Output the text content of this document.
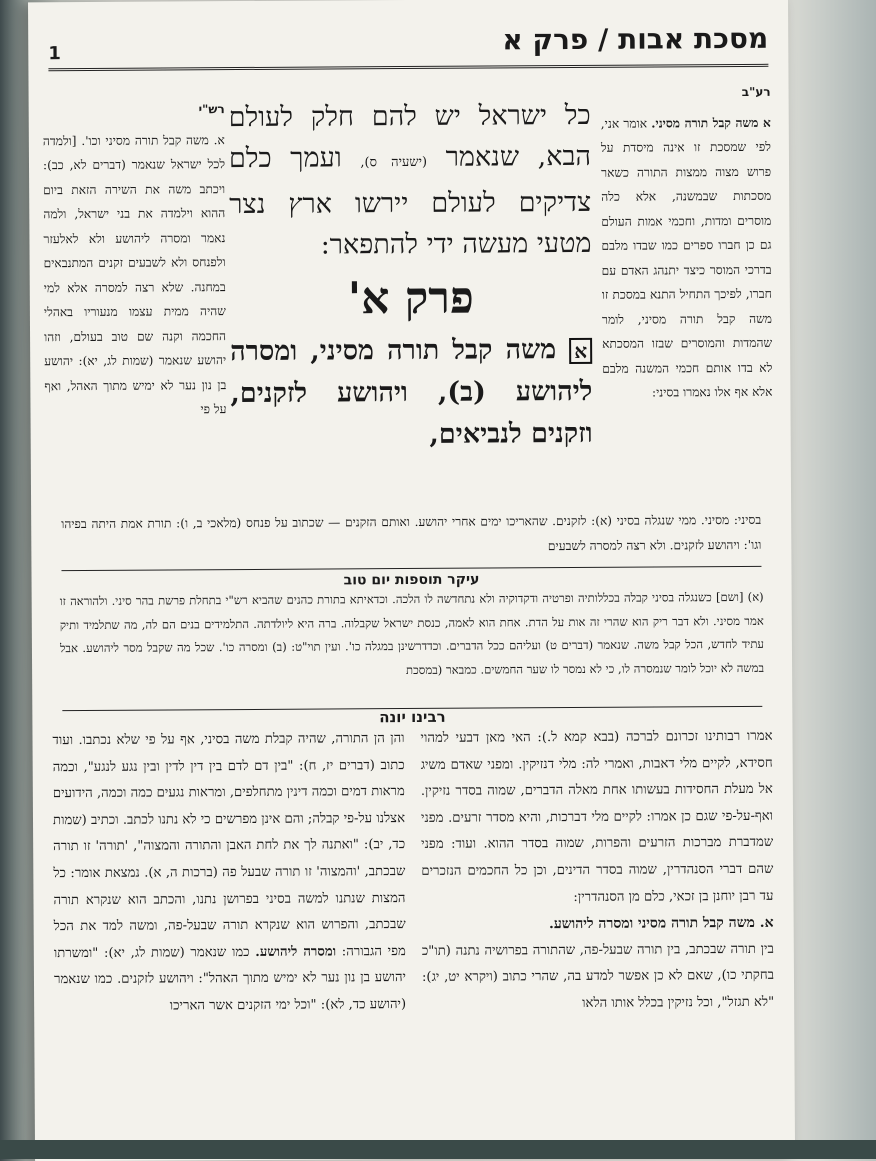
מסכת אבות / פרק א
1
רע"ב
א משה קבל תורה מסיני. אומר אני, לפי שמסכת זו אינה מיסדת על פרוש מצוה ממצות התורה כשאר מסכתות שבמשנה, אלא כלה מוסרים ומדות, וחכמי אמות העולם גם כן חברו ספרים כמו שבדו מלבם בדרכי המוסר כיצד יתנהג האדם עם חברו, לפיכך התחיל התנא במסכת זו משה קבל תורה מסיני, לומר שהמדות והמוסרים שבזו המסכתא לא בדו אותם חכמי המשנה מלבם אלא אף אלו נאמרו בסיני:
כל ישראל יש להם חלק לעולם הבא, שנאמר (ישעיה ס), ועמך כלם צדיקים לעולם יירשו ארץ נצר מטעי מעשה ידי להתפאר:
פרק א'
א משה קבל תורה מסיני, ומסרה ליהושע (ב), ויהושע לזקנים, וזקנים לנביאים,
רש"י
א. משה קבל תורה מסיני וכו'. [ולמדה לכל ישראל שנאמר (דברים לא, כב): ויכתב משה את השירה הזאת ביום ההוא וילמדה את בני ישראל, ולמה נאמר ומסרה ליהושע ולא לאלעזר ולפנחס ולא לשבעים זקנים המתנבאים במחנה. שלא רצה למסרה אלא למי שהיה ממית עצמו מנעוריו באהלי החכמה וקנה שם טוב בעולם, וזהו יהושע שנאמר (שמות לג, יא): יהושע בן נון נער לא ימיש מתוך האהל, ואף על פי
בסיני: מסיני. ממי שנגלה בסיני (א): לזקנים. שהאריכו ימים אחרי יהושע. ואותם הזקנים — שכתוב על פנחס (מלאכי ב, ו): תורת אמת היתה בפיהו וגו': ויהושע לזקנים. ולא רצה למסרה לשבעים
עיקר תוספות יום טוב
(א) [ושם] כשנגלה בסיני קבלה בכללותיה ופרטיה ודקדוקיה ולא נתחדשה לו הלכה. וכדאיתא בתורת כהנים שהביא רש"י בתחלת פרשת בהר סיני. ולהוראה זו אמר מסיני. ולא דבר ריק הוא שהרי זה אות על הדת. אחת הוא לאמה, כנסת ישראל שקבלוה. ברה היא ליולדתה. התלמידים בנים הם לה, מה שתלמיד ותיק עתיד לחדש, הכל קבל משה. שנאמר (דברים ט) ועליהם ככל הדברים. וכדדרשינן במגלה כו'. ועין תוי"ט: (ב) ומסרה כו'. שכל מה שקבל מסר ליהושע. אבל במשה לא יוכל לומר שנמסרה לו, כי לא נמסר לו שער החמשים. כמבאר (במסכת
רבינו יונה
אמרו רבותינו זכרונם לברכה (בבא קמא ל.): האי מאן דבעי למהוי חסידא, לקיים מלי דאבות, ואמרי לה: מלי דנזיקין. ומפני שאדם משיג אל מעלת החסידות בעשותו אחת מאלה הדברים, שמוה בסדר נזיקין. ואף-על-פי שגם כן אמרו: לקיים מלי דברכות, והיא מסדר זרעים. מפני שמדברת מברכות הזרעים והפרות, שמוה בסדר ההוא. ועוד: מפני שהם דברי הסנהדרין, שמוה בסדר הדינים, וכן כל החכמים הנזכרים עד רבן יוחנן בן זכאי, כלם מן הסנהדרין:
א. משה קבל תורה מסיני ומסרה ליהושע.
בין תורה שבכתב, בין תורה שבעל-פה, שהתורה בפרושיה נתנה (תו"כ בחקתי כו), שאם לא כן אפשר למדע בה, שהרי כתוב (ויקרא יט, יג): "לא תגזל", וכל נזיקין בכלל אותו הלאו
והן הן התורה, שהיה קבלת משה בסיני, אף על פי שלא נכתבו. ועוד כתוב (דברים יז, ח): "בין דם לדם בין דין לדין ובין נגע לנגע", וכמה מראות דמים וכמה דינין מתחלפים, ומראות נגעים כמה וכמה, הידועים אצלנו על-פי קבלה; והם אינן מפרשים כי לא נתנו לכתב. וכתיב (שמות כד, יב): "ואתנה לך את לחת האבן והתורה והמצוה", 'תורה' זו תורה שבכתב, 'והמצוה' זו תורה שבעל פה (ברכות ה, א). נמצאת אומר: כל המצות שנתנו למשה בסיני בפרושן נתנו, והכתב הוא שנקרא תורה שבכתב, והפרוש הוא שנקרא תורה שבעל-פה, ומשה למד את הכל מפי הגבורה: ומסרה ליהושע. כמו שנאמר (שמות לג, יא): "ומשרתו יהושע בן נון נער לא ימיש מתוך האהל": ויהושע לזקנים. כמו שנאמר (יהושע כד, לא): "וכל ימי הזקנים אשר האריכו
